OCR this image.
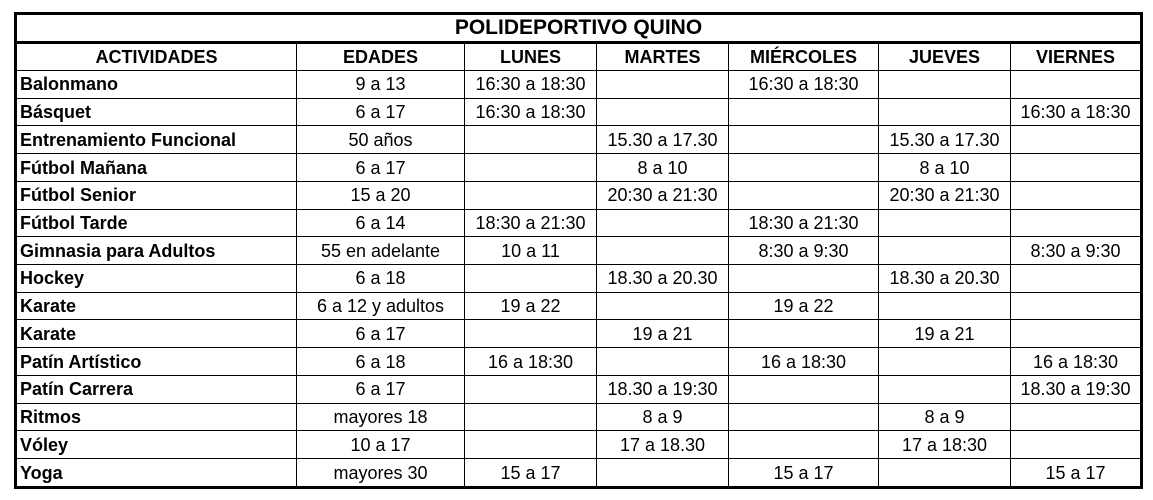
POLIDEPORTIVO QUINO						
ACTIVIDADES	EDADES	LUNES	MARTES	MIÉRCOLES	JUEVES	VIERNES
Balonmano	9 a 13	16:30 a 18:30		16:30 a 18:30		
Básquet	6 a 17	16:30 a 18:30				16:30 a 18:30
Entrenamiento Funcional	50 años		15.30 a 17.30		15.30 a 17.30	
Fútbol Mañana	6 a 17		8 a 10		8 a 10	
Fútbol Senior	15 a 20		20:30 a 21:30		20:30 a 21:30	
Fútbol Tarde	6 a 14	18:30 a 21:30		18:30 a 21:30		
Gimnasia para Adultos	55 en adelante	10 a 11		8:30 a 9:30		8:30 a 9:30
Hockey	6 a 18		18.30 a 20.30		18.30 a 20.30	
Karate	6 a 12 y adultos	19 a 22		19 a 22		
Karate	6 a 17		19 a 21		19 a 21	
Patín Artístico	6 a 18	16 a 18:30		16 a 18:30		16 a 18:30
Patín Carrera	6 a 17		18.30 a 19:30			18.30 a 19:30
Ritmos	mayores 18		8 a 9		8 a 9	
Vóley	10 a 17		17 a 18.30		17 a 18:30	
Yoga	mayores 30	15 a 17		15 a 17		15 a 17
